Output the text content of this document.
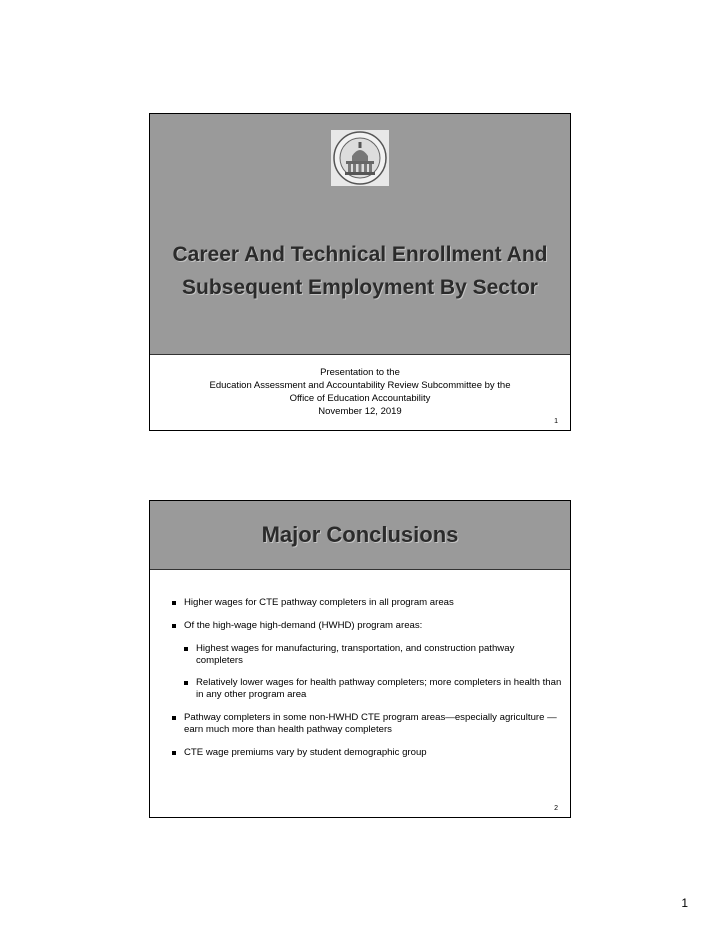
Career And Technical Enrollment And
Subsequent Employment By Sector
Presentation to the
Education Assessment and Accountability Review Subcommittee by the
Office of Education Accountability
November 12, 2019
1
Major Conclusions
Higher wages for CTE pathway completers in all program areas
Of the high-wage high-demand (HWHD) program areas:
Highest wages for manufacturing, transportation, and construction pathway completers
Relatively lower wages for health pathway completers; more completers in health than in any other program area
Pathway completers in some non-HWHD CTE program areas—especially agriculture —earn much more than health pathway completers
CTE wage premiums vary by student demographic group
2
1
